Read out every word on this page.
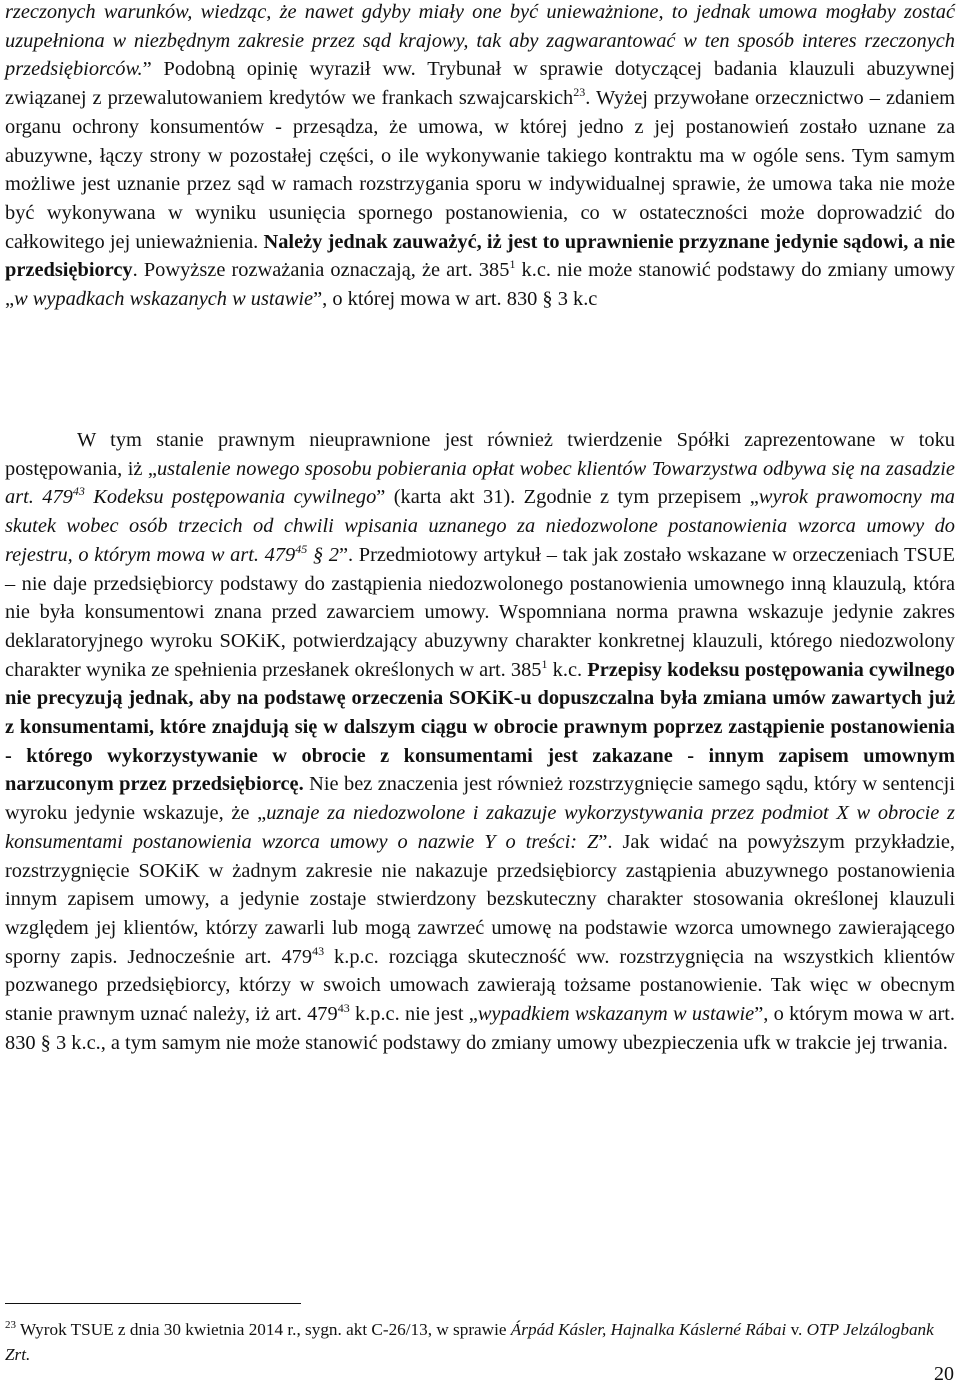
rzeczonych warunków, wiedząc, że nawet gdyby miały one być unieważnione, to jednak umowa mogłaby zostać uzupełniona w niezbędnym zakresie przez sąd krajowy, tak aby zagwarantować w ten sposób interes rzeczonych przedsiębiorców.” Podobną opinię wyraził ww. Trybunał w sprawie dotyczącej badania klauzuli abuzywnej związanej z przewalutowaniem kredytów we frankach szwajcarskich$^{23}$. Wyżej przywołane orzecznictwo – zdaniem organu ochrony konsumentów - przesądza, że umowa, w której jedno z jej postanowień zostało uznane za abuzywne, łączy strony w pozostałej części, o ile wykonywanie takiego kontraktu ma w ogóle sens. Tym samym możliwe jest uznanie przez sąd w ramach rozstrzygania sporu w indywidualnej sprawie, że umowa taka nie może być wykonywana w wyniku usunięcia spornego postanowienia, co w ostateczności może doprowadzić do całkowitego jej unieważnienia. Należy jednak zauważyć, iż jest to uprawnienie przyznane jedynie sądowi, a nie przedsiębiorcy. Powyższe rozważania oznaczają, że art. $385^1$ k.c. nie może stanowić podstawy do zmiany umowy „w wypadkach wskazanych w ustawie”, o której mowa w art. 830 § 3 k.c
W tym stanie prawnym nieuprawnione jest również twierdzenie Spółki zaprezentowane w toku postępowania, iż „ustalenie nowego sposobu pobierania opłat wobec klientów Towarzystwa odbywa się na zasadzie art. $479^{43}$ Kodeksu postępowania cywilnego” (karta akt 31). Zgodnie z tym przepisem „wyrok prawomocny ma skutek wobec osób trzecich od chwili wpisania uznanego za niedozwolone postanowienia wzorca umowy do rejestru, o którym mowa w art. $479^{45}$ § 2”. Przedmiotowy artykuł – tak jak zostało wskazane w orzeczeniach TSUE – nie daje przedsiębiorcy podstawy do zastąpienia niedozwolonego postanowienia umownego inną klauzulą, która nie była konsumentowi znana przed zawarciem umowy. Wspomniana norma prawna wskazuje jedynie zakres deklaratoryjnego wyroku SOKiK, potwierdzający abuzywny charakter konkretnej klauzuli, którego niedozwolony charakter wynika ze spełnienia przesłanek określonych w art. $385^1$ k.c. Przepisy kodeksu postępowania cywilnego nie precyzują jednak, aby na podstawę orzeczenia SOKiK-u dopuszczalna była zmiana umów zawartych już z konsumentami, które znajdują się w dalszym ciągu w obrocie prawnym poprzez zastąpienie postanowienia - którego wykorzystywanie w obrocie z konsumentami jest zakazane - innym zapisem umownym narzuconym przez przedsiębiorcę. Nie bez znaczenia jest również rozstrzygnięcie samego sądu, który w sentencji wyroku jedynie wskazuje, że „uznaje za niedozwolone i zakazuje wykorzystywania przez podmiot X w obrocie z konsumentami postanowienia wzorca umowy o nazwie Y o treści: Z”. Jak widać na powyższym przykładzie, rozstrzygnięcie SOKiK w żadnym zakresie nie nakazuje przedsiębiorcy zastąpienia abuzywnego postanowienia innym zapisem umowy, a jedynie zostaje stwierdzony bezskuteczny charakter stosowania określonej klauzuli względem jej klientów, którzy zawarli lub mogą zawrzeć umowę na podstawie wzorca umownego zawierającego sporny zapis. Jednocześnie art. $479^{43}$ k.p.c. rozciąga skuteczność ww. rozstrzygnięcia na wszystkich klientów pozwanego przedsiębiorcy, którzy w swoich umowach zawierają tożsame postanowienie. Tak więc w obecnym stanie prawnym uznać należy, iż art. $479^{43}$ k.p.c. nie jest „wypadkiem wskazanym w ustawie”, o którym mowa w art. 830 § 3 k.c., a tym samym nie może stanowić podstawy do zmiany umowy ubezpieczenia ufk w trakcie jej trwania.
$^{23}$ Wyrok TSUE z dnia 30 kwietnia 2014 r., sygn. akt C-26/13, w sprawie Árpád Kásler, Hajnalka Káslerné Rábai v. OTP Jelzálogbank Zrt.
20
